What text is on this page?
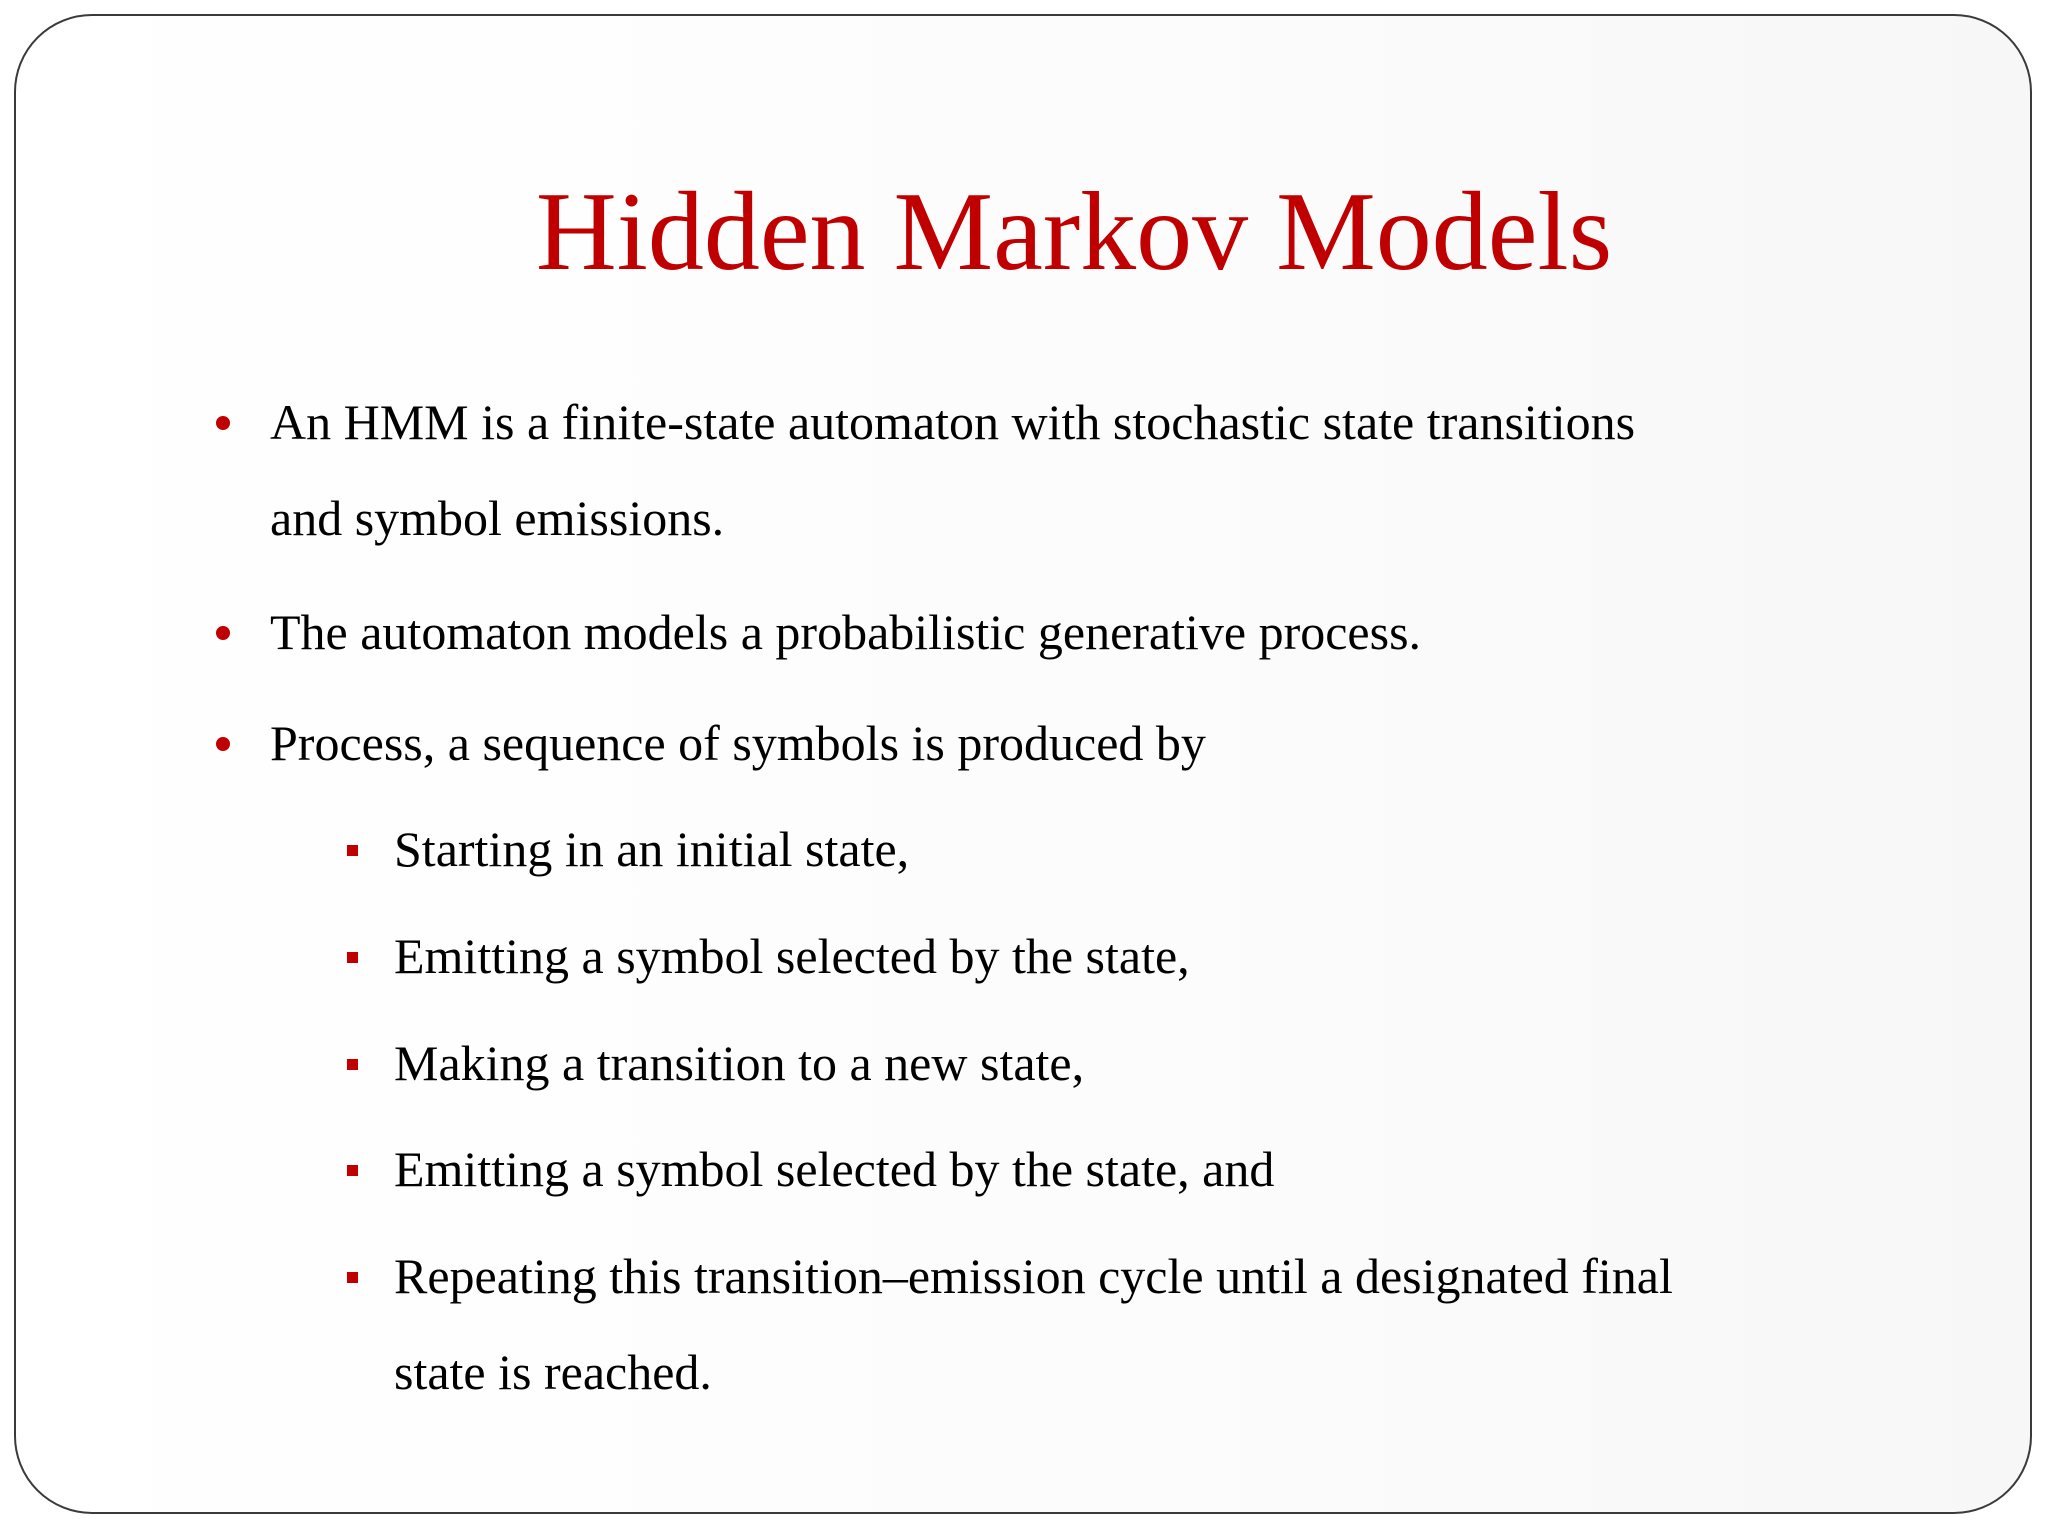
Hidden Markov Models
An HMM is a finite-state automaton with stochastic state transitions
and symbol emissions.
The automaton models a probabilistic generative process.
Process, a sequence of symbols is produced by
Starting in an initial state,
Emitting a symbol selected by the state,
Making a transition to a new state,
Emitting a symbol selected by the state, and
Repeating this transition–emission cycle until a designated final
state is reached.
